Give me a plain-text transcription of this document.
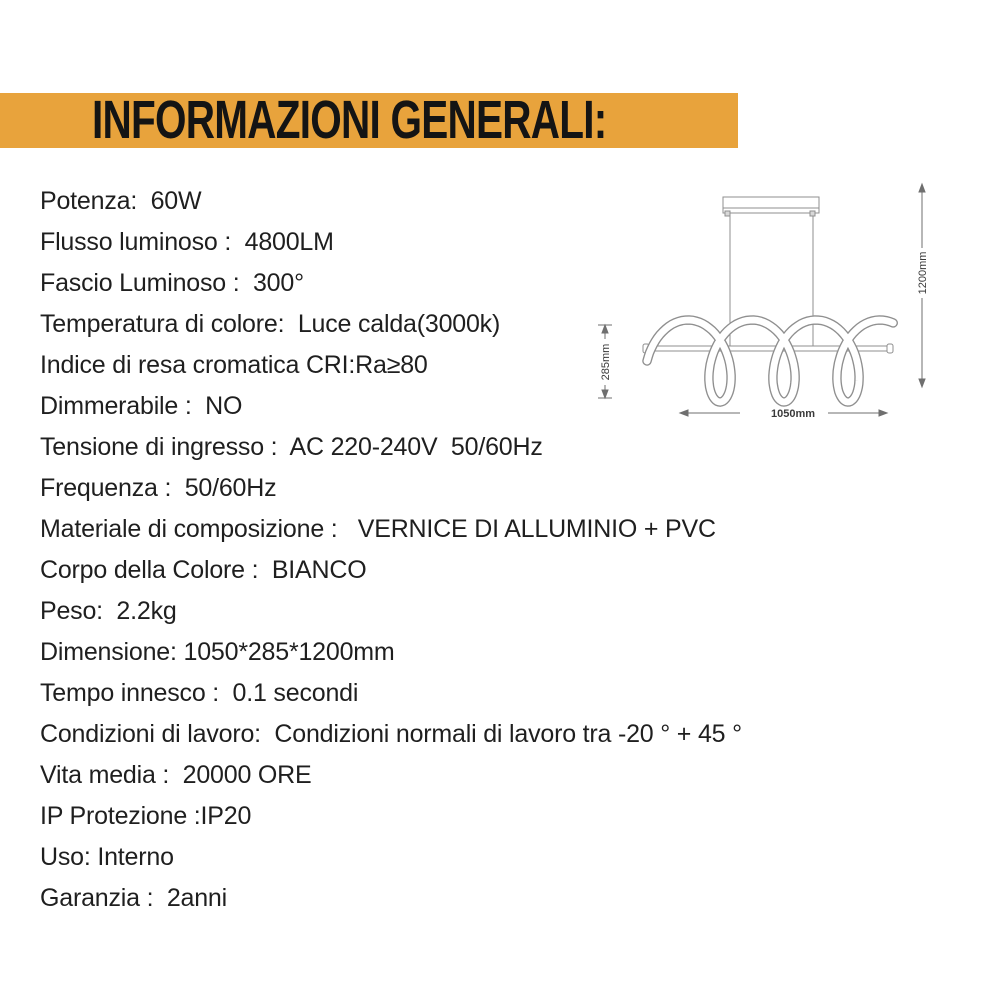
INFORMAZIONI GENERALI:
Potenza:  60W
Flusso luminoso :  4800LM
Fascio Luminoso :  300°
Temperatura di colore:  Luce calda(3000k)
Indice di resa cromatica CRI:Ra≥80
Dimmerabile :  NO
Tensione di ingresso :  AC 220-240V  50/60Hz
Frequenza :  50/60Hz
Materiale di composizione :   VERNICE DI ALLUMINIO + PVC
Corpo della Colore :  BIANCO
Peso:  2.2kg
Dimensione: 1050*285*1200mm
Tempo innesco :  0.1 secondi
Condizioni di lavoro:  Condizioni normali di lavoro tra -20 ° + 45 °
Vita media :  20000 ORE
IP Protezione :IP20
Uso: Interno
Garanzia :  2anni
1200mm
285mm
1050mm
